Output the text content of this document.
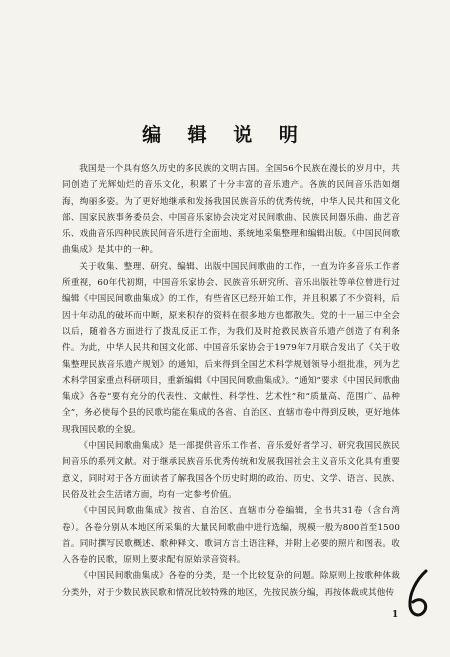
编 辑 说 明

我国是一个具有悠久历史的多民族的文明古国。全国56个民族在漫长的岁月中，共同创造了光辉灿烂的音乐文化，积累了十分丰富的音乐遗产。各族的民间音乐浩如烟海，绚丽多姿。为了更好地继承和发扬我国民族音乐的优秀传统，中华人民共和国文化部、国家民族事务委员会、中国音乐家协会决定对民间歌曲、民族民间器乐曲、曲艺音乐、戏曲音乐四种民族民间音乐进行全面地、系统地采集整理和编辑出版。《中国民间歌曲集成》是其中的一种。

关于收集、整理、研究、编辑、出版中国民间歌曲的工作，一直为许多音乐工作者所重视，60年代初期，中国音乐家协会、民族音乐研究所、音乐出版社等单位曾进行过编辑《中国民间歌曲集成》的工作，有些省区已经开始工作，并且积累了不少资料，后因十年动乱的破坏而中断，原来积存的资料在很多地方也都散失。党的十一届三中全会以后，随着各方面进行了拨乱反正工作，为我们及时抢救民族音乐遗产创造了有利条件。为此，中华人民共和国文化部、中国音乐家协会于1979年7月联合发出了《关于收集整理民族音乐遗产规划》的通知，后来得到全国艺术科学规划领导小组批准，列为艺术科学国家重点科研项目，重新编辑《中国民间歌曲集成》。“通知”要求《中国民间歌曲集成》各卷“要有充分的代表性、文献性、科学性、艺术性”和“质量高、范围广、品种全”，务必使每个县的民歌均能在集成的各省、自治区、直辖市卷中得到反映，更好地体现我国民歌的全貌。

《中国民间歌曲集成》是一部提供音乐工作者、音乐爱好者学习、研究我国民族民间音乐的系列文献。对于继承民族音乐优秀传统和发展我国社会主义音乐文化具有重要意义，同时对于各方面读者了解我国各个历史时期的政治、历史、文学、语言、民族、民俗及社会生活诸方面，均有一定参考价值。

《中国民间歌曲集成》按省、自治区、直辖市分卷编辑，全书共31卷（含台湾卷）。各卷分别从本地区所采集的大量民间歌曲中进行选编，规模一般为800首至1500首。同时撰写民歌概述、歌种释文、歌词方言土语注释，并附上必要的照片和图表。收入各卷的民歌，原则上要求配有原始录音资料。

《中国民间歌曲集成》各卷的分类，是一个比较复杂的问题。除原则上按歌种体裁分类外，对于少数民族民歌和情况比较特殊的地区，先按民族分编，再按体裁或其他传

1
